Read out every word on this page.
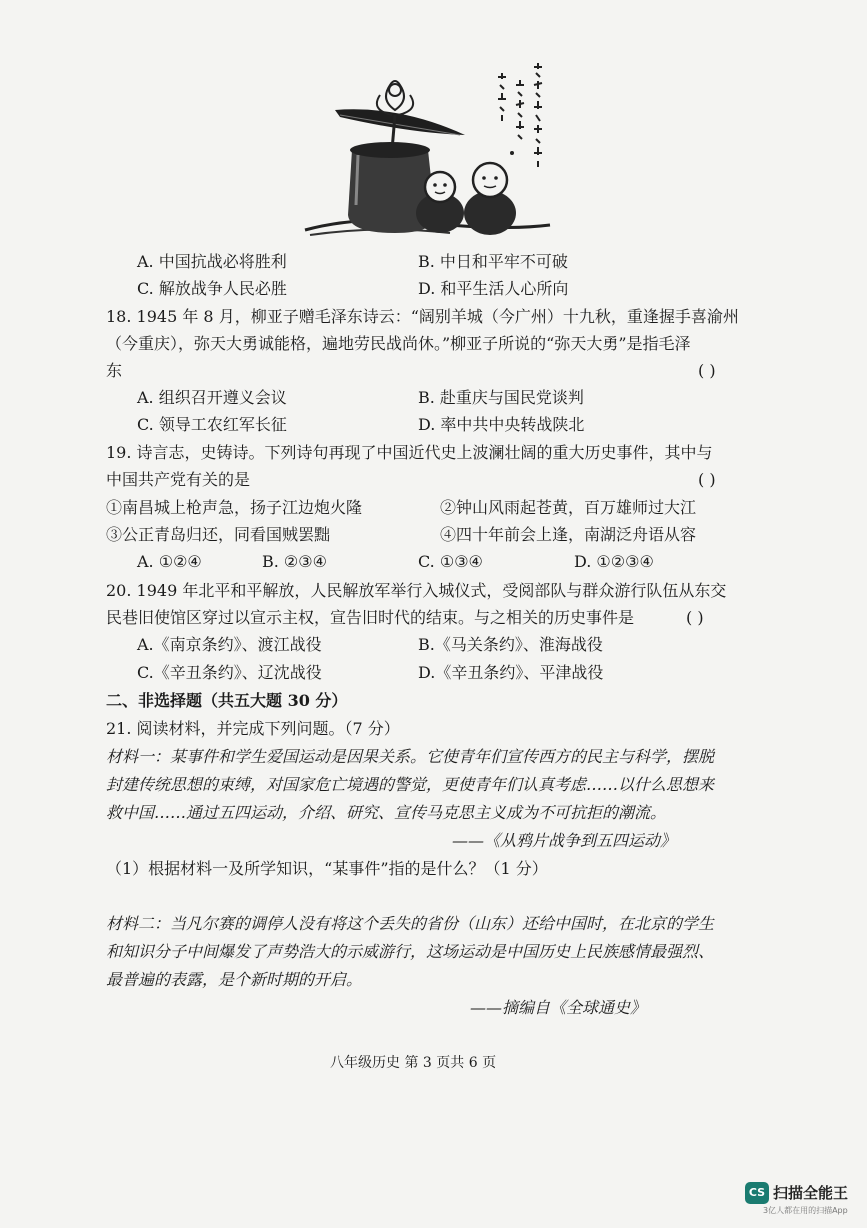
A. 中国抗战必将胜利	B. 中日和平牢不可破
C. 解放战争人民必胜	D. 和平生活人心所向
18. 1945 年 8 月，柳亚子赠毛泽东诗云：“阔别羊城（今广州）十九秋，重逢握手喜渝州
（今重庆），弥天大勇诚能格，遍地劳民战尚休。”柳亚子所说的“弥天大勇”是指毛泽
东	( )
A. 组织召开遵义会议	B. 赴重庆与国民党谈判
C. 领导工农红军长征	D. 率中共中央转战陕北
19. 诗言志，史铸诗。下列诗句再现了中国近代史上波澜壮阔的重大历史事件，其中与
中国共产党有关的是	( )
①南昌城上枪声急，扬子江边炮火隆	②钟山风雨起苍黄，百万雄师过大江
③公正青岛归还，同看国贼罢黜	④四十年前会上逢，南湖泛舟语从容
A. ①②④	B. ②③④	C. ①③④	D. ①②③④
20. 1949 年北平和平解放，人民解放军举行入城仪式，受阅部队与群众游行队伍从东交
民巷旧使馆区穿过以宣示主权，宣告旧时代的结束。与之相关的历史事件是	( )
A.《南京条约》、渡江战役	B.《马关条约》、淮海战役
C.《辛丑条约》、辽沈战役	D.《辛丑条约》、平津战役
二、非选择题（共五大题 30 分）
21. 阅读材料，并完成下列问题。（7 分）
材料一：某事件和学生爱国运动是因果关系。它使青年们宣传西方的民主与科学，摆脱
封建传统思想的束缚，对国家危亡境遇的警觉，更使青年们认真考虑……以什么思想来
救中国……通过五四运动，介绍、研究、宣传马克思主义成为不可抗拒的潮流。
——《从鸦片战争到五四运动》
（1）根据材料一及所学知识，“某事件”指的是什么？（1 分）
材料二：当凡尔赛的调停人没有将这个丢失的省份（山东）还给中国时，在北京的学生
和知识分子中间爆发了声势浩大的示威游行，这场运动是中国历史上民族感情最强烈、
最普遍的表露，是个新时期的开启。
——摘编自《全球通史》
八年级历史 第 3 页共 6 页
CS 扫描全能王
3亿人都在用的扫描App
